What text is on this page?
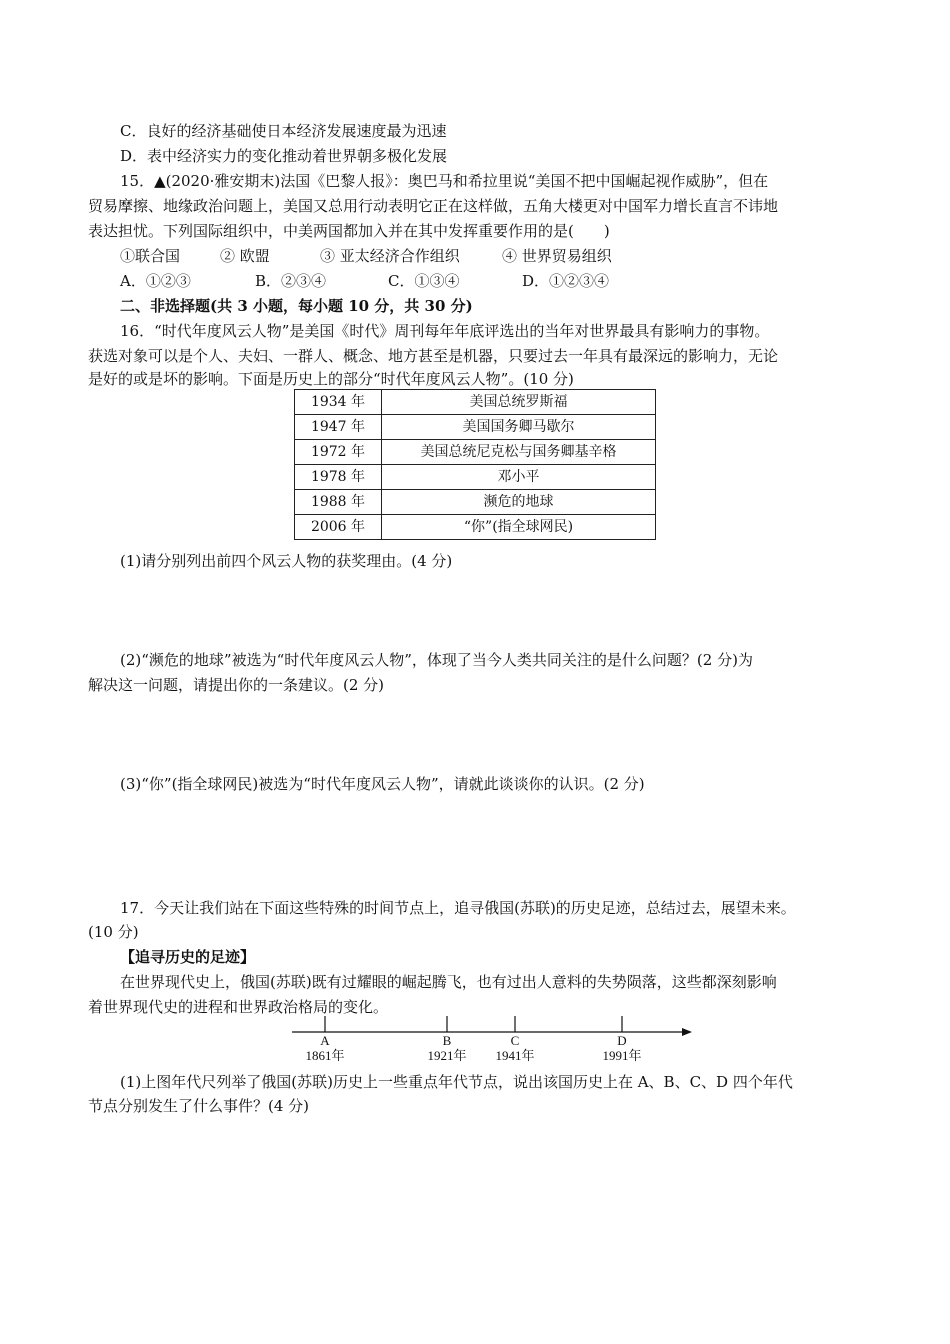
C．良好的经济基础使日本经济发展速度最为迅速
D．表中经济实力的变化推动着世界朝多极化发展
15．▲(2020·雅安期末)法国《巴黎人报》：奥巴马和希拉里说“美国不把中国崛起视作威胁”，但在
贸易摩擦、地缘政治问题上，美国又总用行动表明它正在这样做，五角大楼更对中国军力增长直言不讳地
表达担忧。下列国际组织中，中美两国都加入并在其中发挥重要作用的是(　　)
①联合国	② 欧盟	③ 亚太经济合作组织	④ 世界贸易组织
A．①②③	B．②③④	C．①③④	D．①②③④
二、非选择题(共 3 小题，每小题 10 分，共 30 分)
16．“时代年度风云人物”是美国《时代》周刊每年年底评选出的当年对世界最具有影响力的事物。
获选对象可以是个人、夫妇、一群人、概念、地方甚至是机器，只要过去一年具有最深远的影响力，无论
是好的或是坏的影响。下面是历史上的部分“时代年度风云人物”。(10 分)
1934 年	美国总统罗斯福
1947 年	美国国务卿马歇尔
1972 年	美国总统尼克松与国务卿基辛格
1978 年	邓小平
1988 年	濒危的地球
2006 年	“你”(指全球网民)
(1)请分别列出前四个风云人物的获奖理由。(4 分)
(2)“濒危的地球”被选为“时代年度风云人物”，体现了当今人类共同关注的是什么问题？(2 分)为
解决这一问题，请提出你的一条建议。(2 分)
(3)“你”(指全球网民)被选为“时代年度风云人物”，请就此谈谈你的认识。(2 分)
17．今天让我们站在下面这些特殊的时间节点上，追寻俄国(苏联)的历史足迹，总结过去，展望未来。
(10 分)
【追寻历史的足迹】
在世界现代史上，俄国(苏联)既有过耀眼的崛起腾飞，也有过出人意料的失势陨落，这些都深刻影响
着世界现代史的进程和世界政治格局的变化。
A
1861年
B
1921年
C
1941年
D
1991年
(1)上图年代尺列举了俄国(苏联)历史上一些重点年代节点，说出该国历史上在 A、B、C、D 四个年代
节点分别发生了什么事件？(4 分)
